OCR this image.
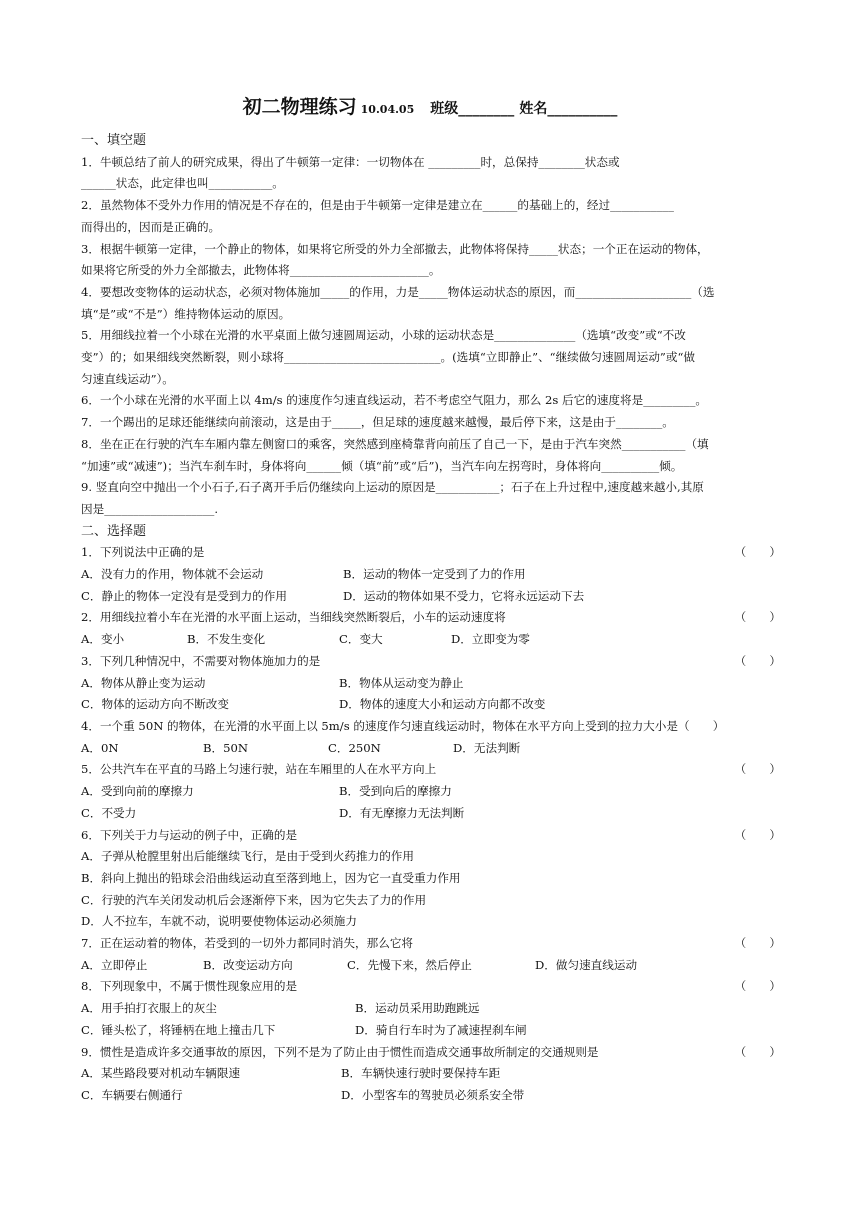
初二物理练习 10.04.05 班级________ 姓名__________
一、填空题
1．牛顿总结了前人的研究成果，得出了牛顿第一定律：一切物体在 _________时，总保持________状态或
______状态，此定律也叫___________。
2．虽然物体不受外力作用的情况是不存在的，但是由于牛顿第一定律是建立在______的基础上的，经过___________
而得出的，因而是正确的。
3．根据牛顿第一定律，一个静止的物体，如果将它所受的外力全部撤去，此物体将保持_____状态；一个正在运动的物体，
如果将它所受的外力全部撤去，此物体将________________________。
4．要想改变物体的运动状态，必须对物体施加_____的作用，力是_____物体运动状态的原因，而____________________（选
填“是”或“不是”）维持物体运动的原因。
5．用细线拉着一个小球在光滑的水平桌面上做匀速圆周运动，小球的运动状态是______________（选填“改变”或“不改
变”）的；如果细线突然断裂，则小球将___________________________。(选填“立即静止”、“继续做匀速圆周运动”或“做
匀速直线运动”）。
6．一个小球在光滑的水平面上以 4m/s 的速度作匀速直线运动，若不考虑空气阻力，那么 2s 后它的速度将是_________。
7．一个踢出的足球还能继续向前滚动，这是由于_____，但足球的速度越来越慢，最后停下来，这是由于________。
8．坐在正在行驶的汽车车厢内靠左侧窗口的乘客，突然感到座椅靠背向前压了自己一下，是由于汽车突然___________（填
“加速”或“减速”)；当汽车刹车时，身体将向______倾（填“前”或“后”)，当汽车向左拐弯时，身体将向__________倾。
9. 竖直向空中抛出一个小石子,石子离开手后仍继续向上运动的原因是___________；石子在上升过程中,速度越来越小,其原
因是___________________.
二、选择题
1．下列说法中正确的是	（　　）
A．没有力的作用，物体就不会运动	B．运动的物体一定受到了力的作用
C．静止的物体一定没有是受到力的作用	D．运动的物体如果不受力，它将永远运动下去
2．用细线拉着小车在光滑的水平面上运动，当细线突然断裂后，小车的运动速度将	（　　）
A．变小	B．不发生变化	C．变大	D．立即变为零
3．下列几种情况中，不需要对物体施加力的是	（　　）
A．物体从静止变为运动	B．物体从运动变为静止
C．物体的运动方向不断改变	D．物体的速度大小和运动方向都不改变
4．一个重 50N 的物体，在光滑的水平面上以 5m/s 的速度作匀速直线运动时，物体在水平方向上受到的拉力大小是（　　）
A．0N	B．50N	C．250N	D．无法判断
5．公共汽车在平直的马路上匀速行驶，站在车厢里的人在水平方向上	（　　）
A．受到向前的摩擦力	B．受到向后的摩擦力
C．不受力	D．有无摩擦力无法判断
6．下列关于力与运动的例子中，正确的是	（　　）
A．子弹从枪膛里射出后能继续飞行，是由于受到火药推力的作用
B．斜向上抛出的铅球会沿曲线运动直至落到地上，因为它一直受重力作用
C．行驶的汽车关闭发动机后会逐渐停下来，因为它失去了力的作用
D．人不拉车，车就不动，说明要使物体运动必须施力
7．正在运动着的物体，若受到的一切外力都同时消失，那么它将	（　　）
A．立即停止	B．改变运动方向	C．先慢下来，然后停止	D．做匀速直线运动
8．下列现象中，不属于惯性现象应用的是	（　　）
A．用手拍打衣服上的灰尘	B．运动员采用助跑跳远
C．锤头松了，将锤柄在地上撞击几下	D．骑自行车时为了减速捏刹车闸
9．惯性是造成许多交通事故的原因，下列不是为了防止由于惯性而造成交通事故所制定的交通规则是	（　　）
A．某些路段要对机动车辆限速	B．车辆快速行驶时要保持车距
C．车辆要右侧通行	D．小型客车的驾驶员必须系安全带
